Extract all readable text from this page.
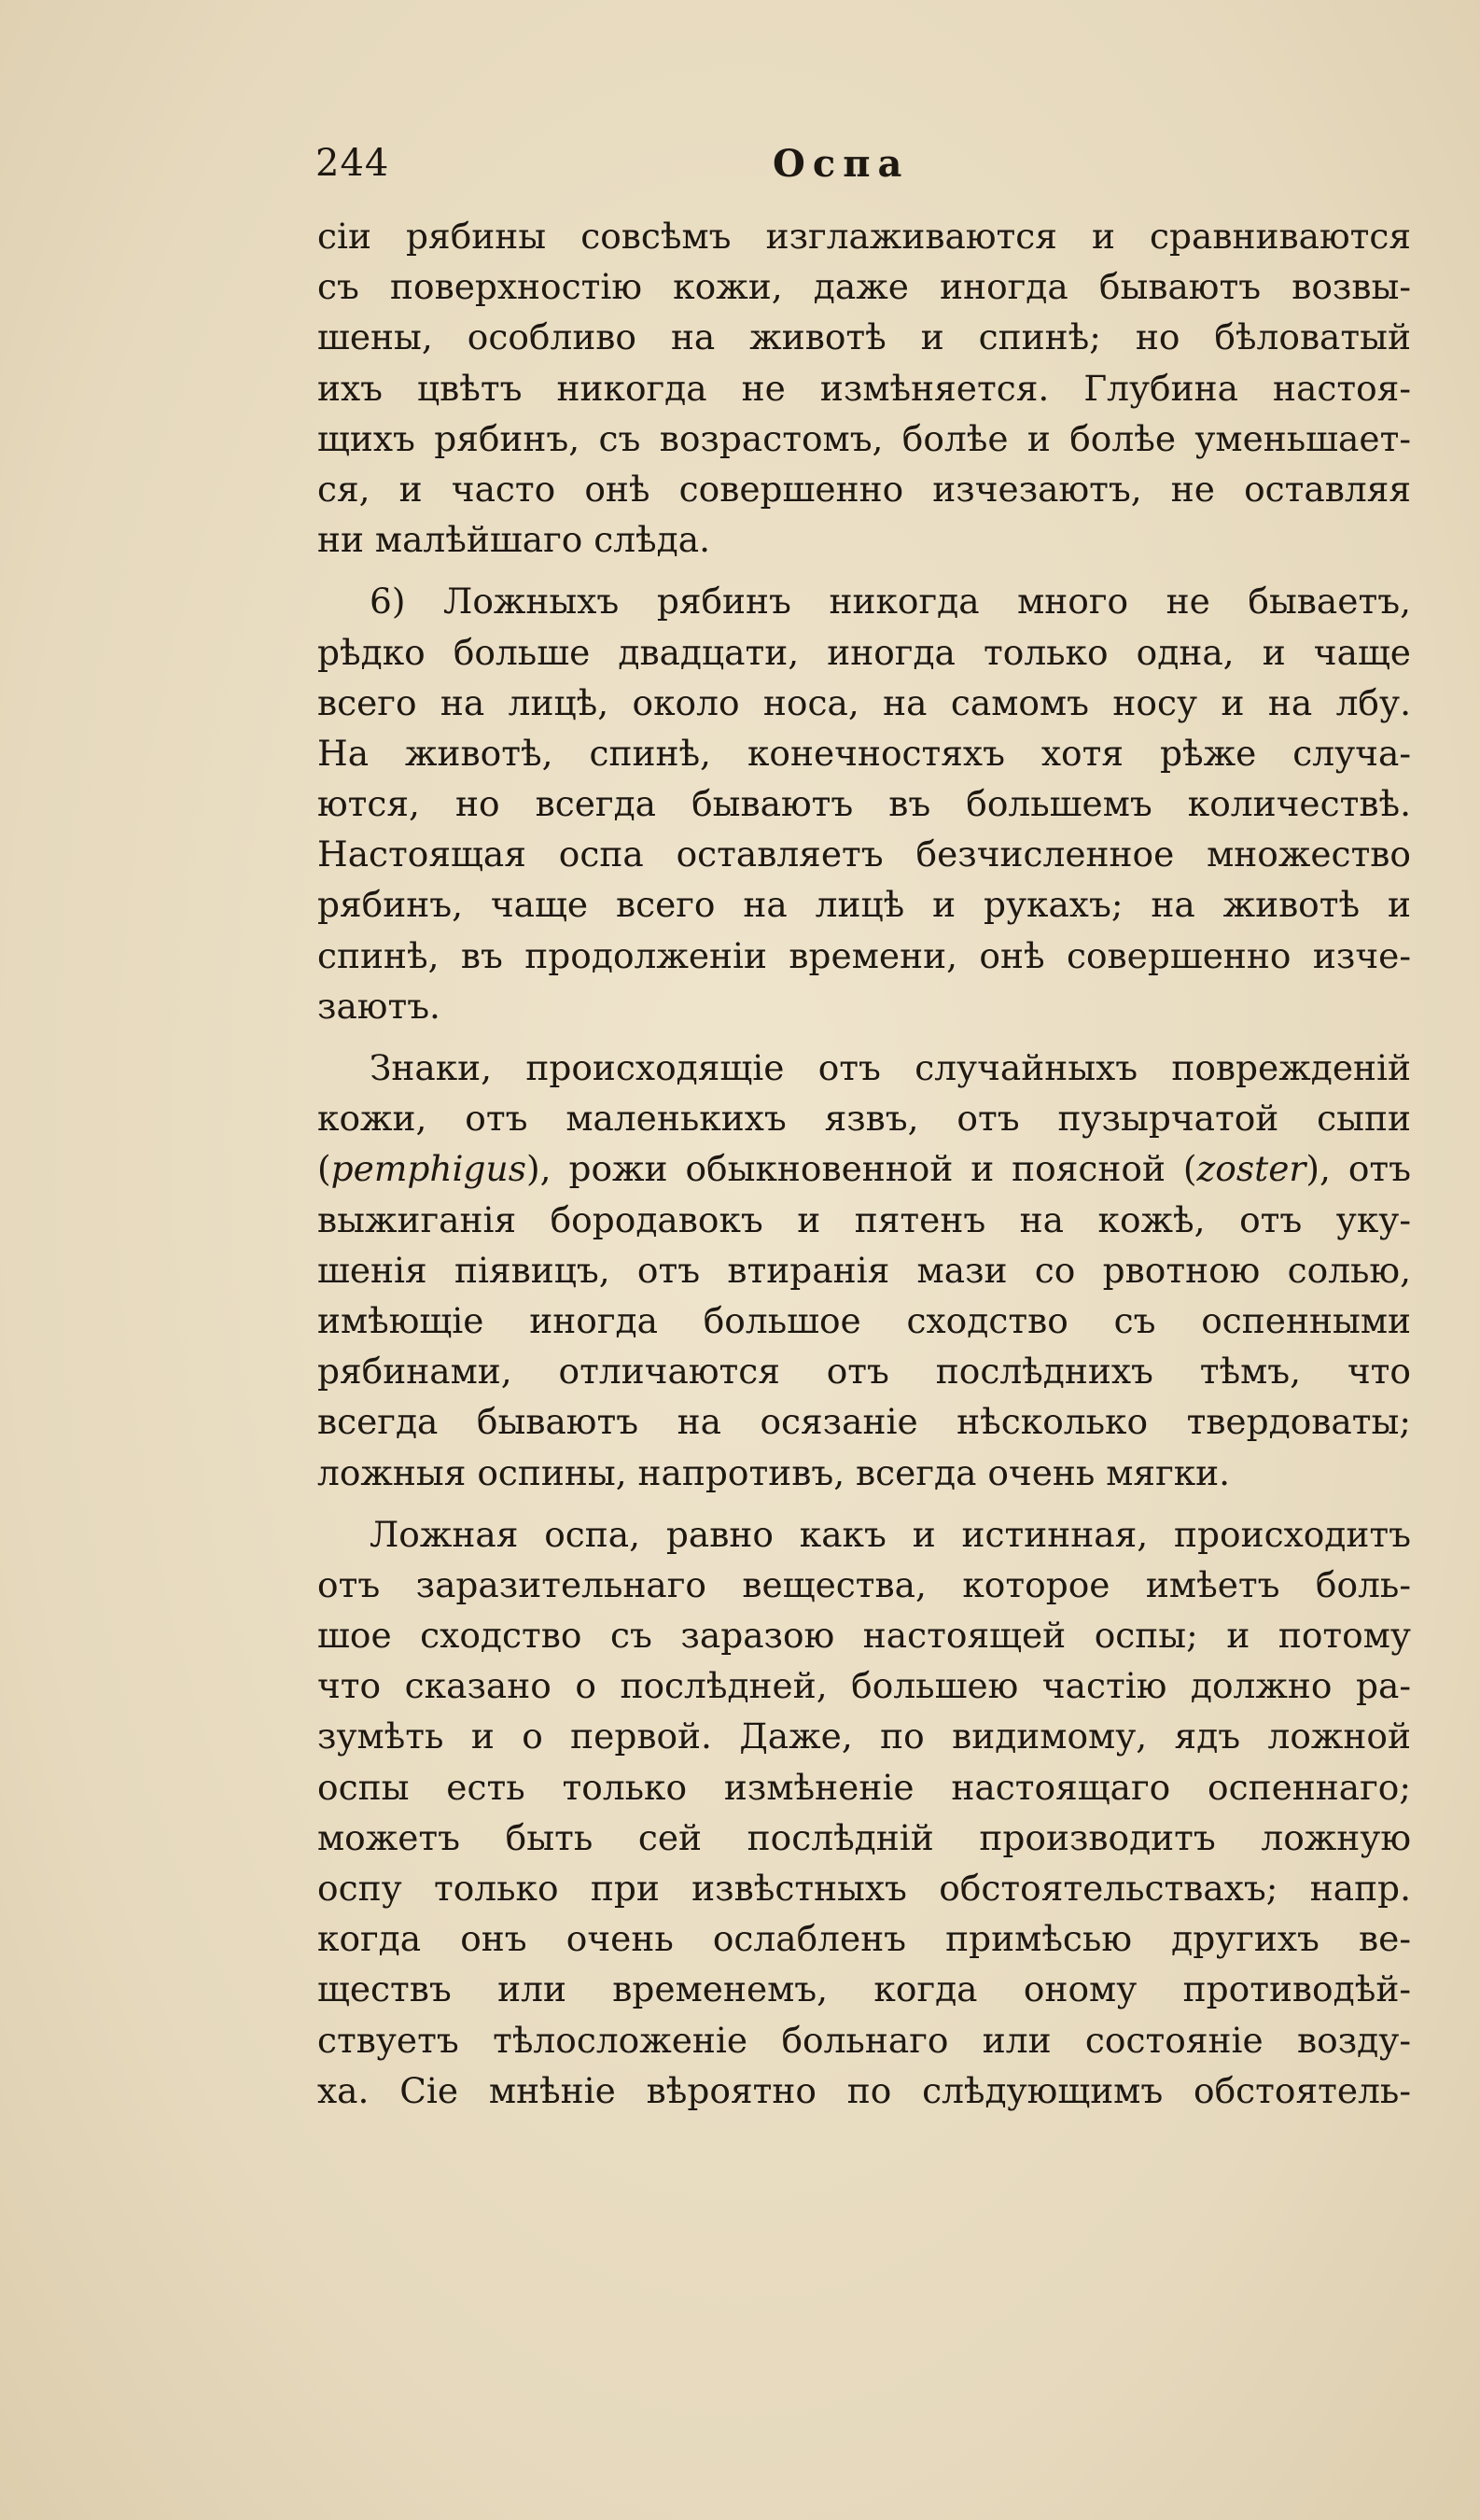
244	Оспа
сiи рябины совсѣмъ изглаживаются и сравниваются
съ поверхностiю кожи, даже иногда бываютъ возвы-
шены, особливо на животѣ и спинѣ; но бѣловатый
ихъ цвѣтъ никогда не измѣняется. Глубина настоя-
щихъ рябинъ, съ возрастомъ, болѣе и болѣе уменьшает-
ся, и часто онѣ совершенно изчезаютъ, не оставляя
ни малѣйшаго слѣда.
6) Ложныхъ рябинъ никогда много не бываетъ,
рѣдко больше двадцати, иногда только одна, и чаще
всего на лицѣ, около носа, на самомъ носу и на лбу.
На животѣ, спинѣ, конечностяхъ хотя рѣже случа-
ются, но всегда бываютъ въ большемъ количествѣ.
Настоящая оспа оставляетъ безчисленное множество
рябинъ, чаще всего на лицѣ и рукахъ; на животѣ и
спинѣ, въ продолженiи времени, онѣ совершенно изче-
заютъ.
Знаки, происходящiе отъ случайныхъ поврежденiй
кожи, отъ маленькихъ язвъ, отъ пузырчатой сыпи
(pemphigus), рожи обыкновенной и поясной (zoster), отъ
выжиганiя бородавокъ и пятенъ на кожѣ, отъ уку-
шенiя пiявицъ, отъ втиранiя мази со рвотною солью,
имѣющiе иногда большое сходство съ оспенными
рябинами, отличаются отъ послѣднихъ тѣмъ, что
всегда бываютъ на осязанiе нѣсколько твердоваты;
ложныя оспины, напротивъ, всегда очень мягки.
Ложная оспа, равно какъ и истинная, происходитъ
отъ заразительнаго вещества, которое имѣетъ боль-
шое сходство съ заразою настоящей оспы; и потому
что сказано о послѣдней, большею частiю должно ра-
зумѣть и о первой. Даже, по видимому, ядъ ложной
оспы есть только измѣненiе настоящаго оспеннаго;
можетъ быть сей послѣднiй производитъ ложную
оспу только при извѣстныхъ обстоятельствахъ; напр.
когда онъ очень ослабленъ примѣсью другихъ ве-
ществъ или временемъ, когда оному противодѣй-
ствуетъ тѣлосложенiе больнаго или состоянiе возду-
ха. Сiе мнѣнiе вѣроятно по слѣдующимъ обстоятель-
